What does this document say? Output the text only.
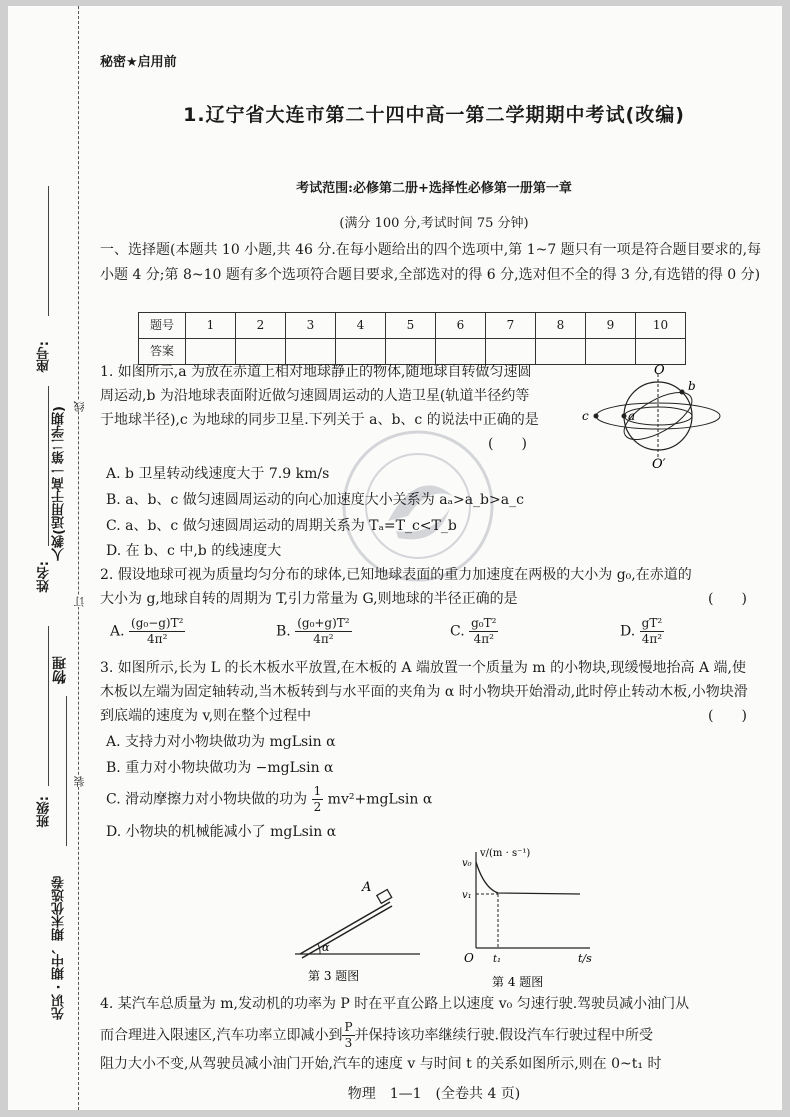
座号:
姓名:
班级:
物理
人教(适用于高一第二学期)
先识 · 期中、期末优选卷
线
订
装
秘密★启用前
1.辽宁省大连市第二十四中高一第二学期期中考试(改编)
考试范围:必修第二册+选择性必修第一册第一章
(满分 100 分,考试时间 75 分钟)
一、选择题(本题共 10 小题,共 46 分.在每小题给出的四个选项中,第 1~7 题只有一项是符合题目要求的,每小题 4 分;第 8~10 题有多个选项符合题目要求,全部选对的得 6 分,选对但不全的得 3 分,有选错的得 0 分)
题号	1	2	3	4	5	6	7	8	9	10
答案										
1. 如图所示,a 为放在赤道上相对地球静止的物体,随地球自转做匀速圆周运动,b 为沿地球表面附近做匀速圆周运动的人造卫星(轨道半径约等于地球半径),c 为地球的同步卫星.下列关于 a、b、c 的说法中正确的是
(　　)
O
O′
a
b
c
A. b 卫星转动线速度大于 7.9 km/s
B. a、b、c 做匀速圆周运动的向心加速度大小关系为 aₐ>a_b>a_c
C. a、b、c 做匀速圆周运动的周期关系为 Tₐ=T_c<T_b
D. 在 b、c 中,b 的线速度大
2. 假设地球可视为质量均匀分布的球体,已知地球表面的重力加速度在两极的大小为 g₀,在赤道的大小为 g,地球自转的周期为 T,引力常量为 G,则地球的半径正确的是	(　　)
A. $\frac{\text{(g₀−g)T²}}{\text{4π²}}$	B. $\frac{\text{(g₀+g)T²}}{\text{4π²}}$	C. $\frac{\text{g₀T²}}{\text{4π²}}$	D. $\frac{\text{gT²}}{\text{4π²}}$
3. 如图所示,长为 L 的长木板水平放置,在木板的 A 端放置一个质量为 m 的小物块,现缓慢地抬高 A 端,使木板以左端为固定轴转动,当木板转到与水平面的夹角为 α 时小物块开始滑动,此时停止转动木板,小物块滑到底端的速度为 v,则在整个过程中	(　　)
A. 支持力对小物块做功为 mgLsin α
B. 重力对小物块做功为 −mgLsin α
C. 滑动摩擦力对小物块做的功为 $\frac{1}{2} mv^2+mgLsin$ α
D. 小物块的机械能减小了 mgLsin α
A
α
第 3 题图
v/(m · s⁻¹)
v₀
v₁
O t₁	t/s
第 4 题图
4. 某汽车总质量为 m,发动机的功率为 P 时在平直公路上以速度 v₀ 匀速行驶.驾驶员减小油门从
而合理进入限速区,汽车功率立即减小到 $\frac{P}{3}$ 并保持该功率继续行驶.假设汽车行驶过程中所受
阻力大小不变,从驾驶员减小油门开始,汽车的速度 v 与时间 t 的关系如图所示,则在 0~t₁ 时
物理　1—1　(全卷共 4 页)
